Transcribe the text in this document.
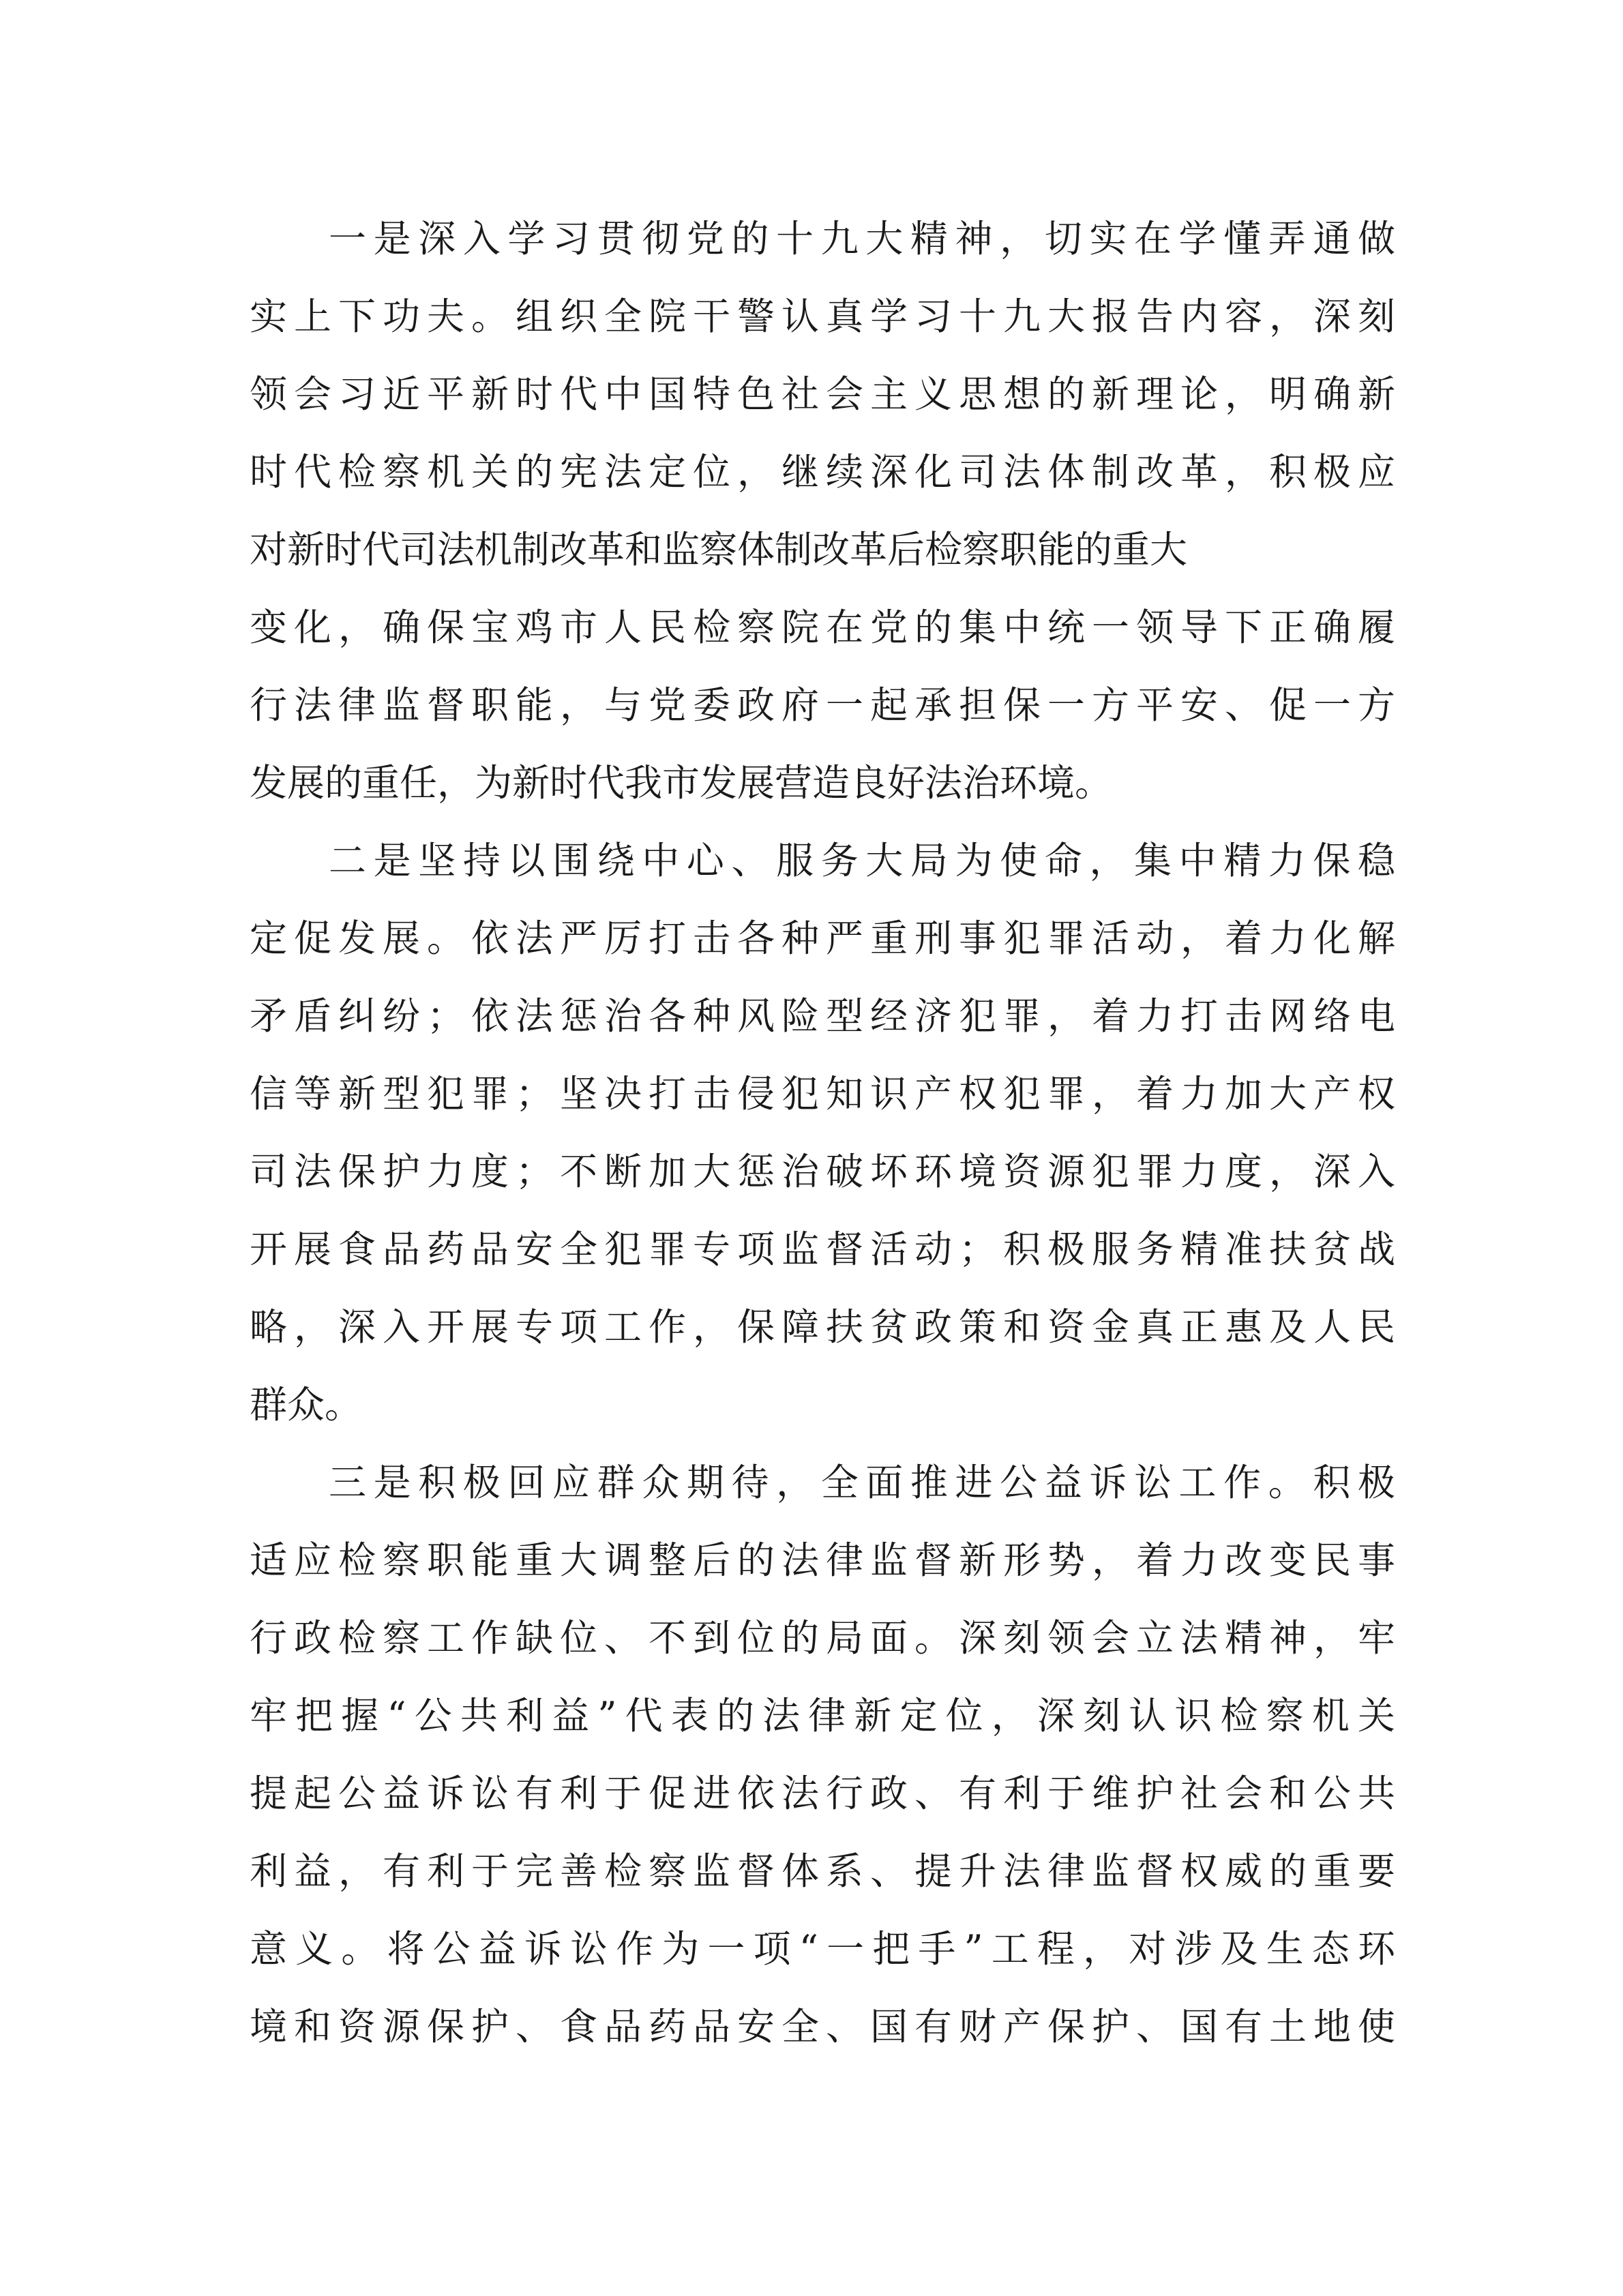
一是深入学习贯彻党的十九大精神，切实在学懂弄通做
实上下功夫。组织全院干警认真学习十九大报告内容，深刻
领会习近平新时代中国特色社会主义思想的新理论，明确新
时代检察机关的宪法定位，继续深化司法体制改革，积极应
对新时代司法机制改革和监察体制改革后检察职能的重大
变化，确保宝鸡市人民检察院在党的集中统一领导下正确履
行法律监督职能，与党委政府一起承担保一方平安、促一方
发展的重任，为新时代我市发展营造良好法治环境。
二是坚持以围绕中心、服务大局为使命，集中精力保稳
定促发展。依法严厉打击各种严重刑事犯罪活动，着力化解
矛盾纠纷；依法惩治各种风险型经济犯罪，着力打击网络电
信等新型犯罪；坚决打击侵犯知识产权犯罪，着力加大产权
司法保护力度；不断加大惩治破坏环境资源犯罪力度，深入
开展食品药品安全犯罪专项监督活动；积极服务精准扶贫战
略，深入开展专项工作，保障扶贫政策和资金真正惠及人民
群众。
三是积极回应群众期待，全面推进公益诉讼工作。积极
适应检察职能重大调整后的法律监督新形势，着力改变民事
行政检察工作缺位、不到位的局面。深刻领会立法精神，牢
牢把握“公共利益”代表的法律新定位，深刻认识检察机关
提起公益诉讼有利于促进依法行政、有利于维护社会和公共
利益，有利于完善检察监督体系、提升法律监督权威的重要
意义。将公益诉讼作为一项“一把手”工程，对涉及生态环
境和资源保护、食品药品安全、国有财产保护、国有土地使
